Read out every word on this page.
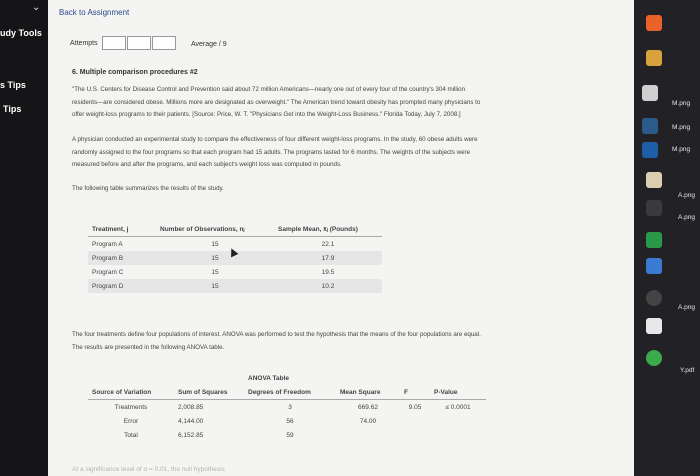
⌄
udy Tools
s Tips
Tips
Back to Assignment
Attempts	Average / 9
6. Multiple comparison procedures #2
"The U.S. Centers for Disease Control and Prevention said about 72 million Americans—nearly one out of every four of the country's 304 million
residents—are considered obese. Millions more are designated as overweight." The American trend toward obesity has prompted many physicians to
offer weight-loss programs to their patients. [Source: Price, W. T. "Physicians Get into the Weight-Loss Business." Florida Today, July 7, 2008.]
A physician conducted an experimental study to compare the effectiveness of four different weight-loss programs. In the study, 60 obese adults were
randomly assigned to the four programs so that each program had 15 adults. The programs lasted for 6 months. The weights of the subjects were
measured before and after the programs, and each subject's weight loss was computed in pounds.
The following table summarizes the results of the study.
Treatment, j	Number of Observations, nⱼ	Sample Mean, x̄ⱼ (Pounds)
Program A	15	22.1
Program B	15	17.9
Program C	15	19.5
Program D	15	10.2
The four treatments define four populations of interest. ANOVA was performed to test the hypothesis that the means of the four populations are equal.
The results are presented in the following ANOVA table.
ANOVA Table
Source of Variation	Sum of Squares	Degrees of Freedom	Mean Square	F	P-Value
Treatments	2,008.85	3	669.62	9.05	≤ 0.0001
Error	4,144.00	56	74.00		
Total	6,152.85	59			
At a significance level of α = 0.01, the null hypothesis
M.png
M.png
M.png
A.png
A.png
A.png
Y.pdf
